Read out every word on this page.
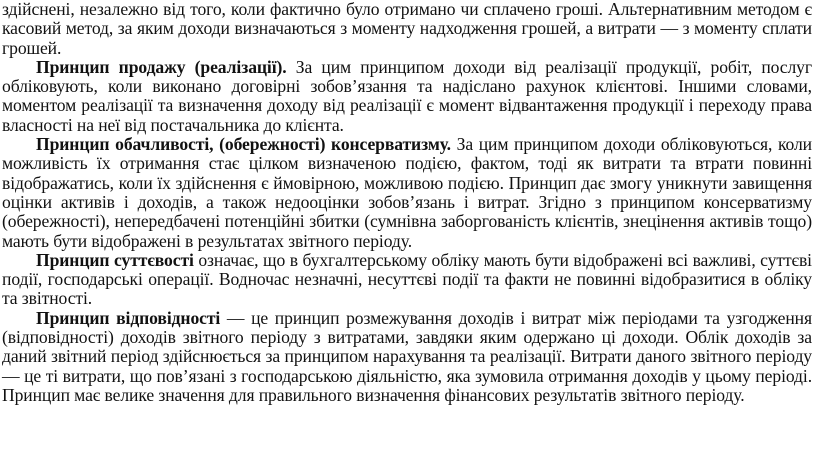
здійснені, незалежно від того, коли фактично було отримано чи сплачено гроші. Альтернативним методом є касовий метод, за яким доходи визначаються з моменту надходження грошей, а витрати — з моменту сплати грошей.

Принцип продажу (реалізації). За цим принципом доходи від реалізації продукції, робіт, послуг обліковують, коли виконано договірні зобов’язання та надіслано рахунок клієнтові. Іншими словами, моментом реалізації та визначення доходу від реалізації є момент відвантаження продукції і переходу права власності на неї від постачальника до клієнта.

Принцип обачливості, (обережності) консерватизму. За цим принципом доходи обліковуються, коли можливість їх отримання стає цілком визначеною подією, фактом, тоді як витрати та втрати повинні відображатись, коли їх здійснення є ймовірною, можливою подією. Принцип дає змогу уникнути завищення оцінки активів і доходів, а також недооцінки зобов’язань і витрат. Згідно з принципом консерватизму (обережності), непередбачені потенційні збитки (сумнівна заборгованість клієнтів, знецінення активів тощо) мають бути відображені в результатах звітного періоду.

Принцип суттєвості означає, що в бухгалтерському обліку мають бути відображені всі важливі, суттєві події, господарські операції. Водночас незначні, несуттєві події та факти не повинні відобразитися в обліку та звітності.

Принцип відповідності — це принцип розмежування доходів і витрат між періодами та узгодження (відповідності) доходів звітного періоду з витратами, завдяки яким одержано ці доходи. Облік доходів за даний звітний період здійснюється за принципом нарахування та реалізації. Витрати даного звітного періоду — це ті витрати, що пов’язані з господарською діяльністю, яка зумовила отримання доходів у цьому періоді. Принцип має велике значення для правильного визначення фінансових результатів звітного періоду.
